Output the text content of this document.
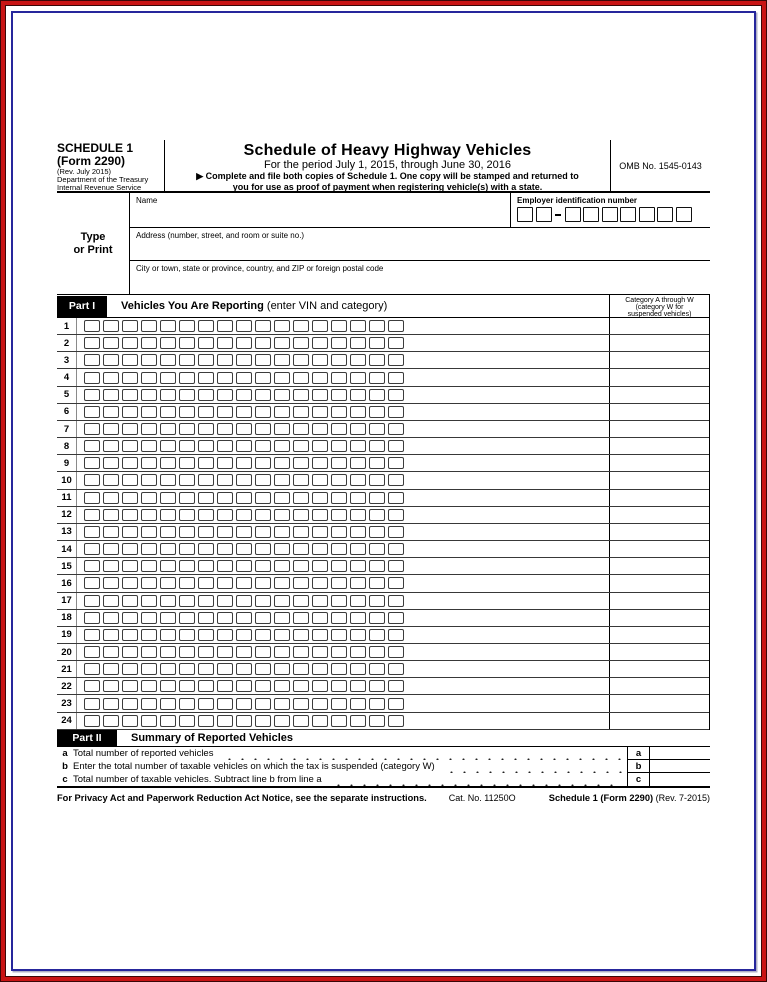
SCHEDULE 1
(Form 2290)
(Rev. July 2015)
Department of the Treasury
Internal Revenue Service
Schedule of Heavy Highway Vehicles
For the period July 1, 2015, through June 30, 2016
▶ Complete and file both copies of Schedule 1. One copy will be stamped and returned to
you for use as proof of payment when registering vehicle(s) with a state.
OMB No. 1545-0143
Type
or Print
Name	Employer identification number
Address (number, street, and room or suite no.)
City or town, state or province, country, and ZIP or foreign postal code
Part I	Vehicles You Are Reporting (enter VIN and category)	Category A through W
(category W for
suspended vehicles)
1
2
3
4
5
6
7
8
9
10
11
12
13
14
15
16
17
18
19
20
21
22
23
24
Part II	Summary of Reported Vehicles
a Total number of reported vehicles	a
b Enter the total number of taxable vehicles on which the tax is suspended (category W)	b
c Total number of taxable vehicles. Subtract line b from line a	c
For Privacy Act and Paperwork Reduction Act Notice, see the separate instructions. Cat. No. 11250O	Schedule 1 (Form 2290) (Rev. 7-2015)
